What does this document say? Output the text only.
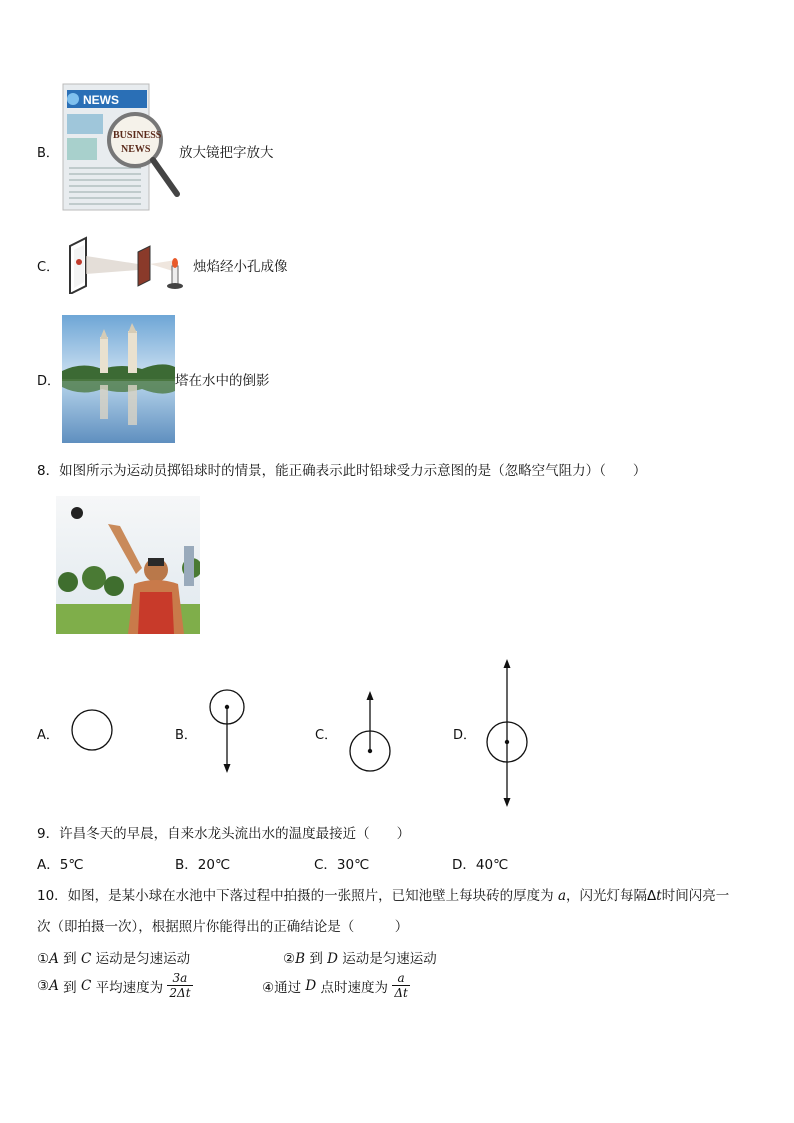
B．
NEWS
BUSINESS
NEWS 放大镜把字放大
C．	烛焰经小孔成像
D．	塔在水中的倒影
8．如图所示为运动员掷铅球时的情景，能正确表示此时铅球受力示意图的是（忽略空气阻力）（　　）
A．	B．	C．	D．
9．许昌冬天的早晨，自来水龙头流出水的温度最接近（　　）
A．5℃	B．20℃	C．30℃	D．40℃
10．如图，是某小球在水池中下落过程中拍摄的一张照片，已知池壁上每块砖的厚度为 a，闪光灯每隔Δt时间闪亮一
次（即拍摄一次），根据照片你能得出的正确结论是（　　　）
①A 到 C 运动是匀速运动	②B 到 D 运动是匀速运动
③A 到 C 平均速度为 $\frac{3a}{2\Delta t}$	④通过 D 点时速度为 $\frac{a}{\Delta t}$
